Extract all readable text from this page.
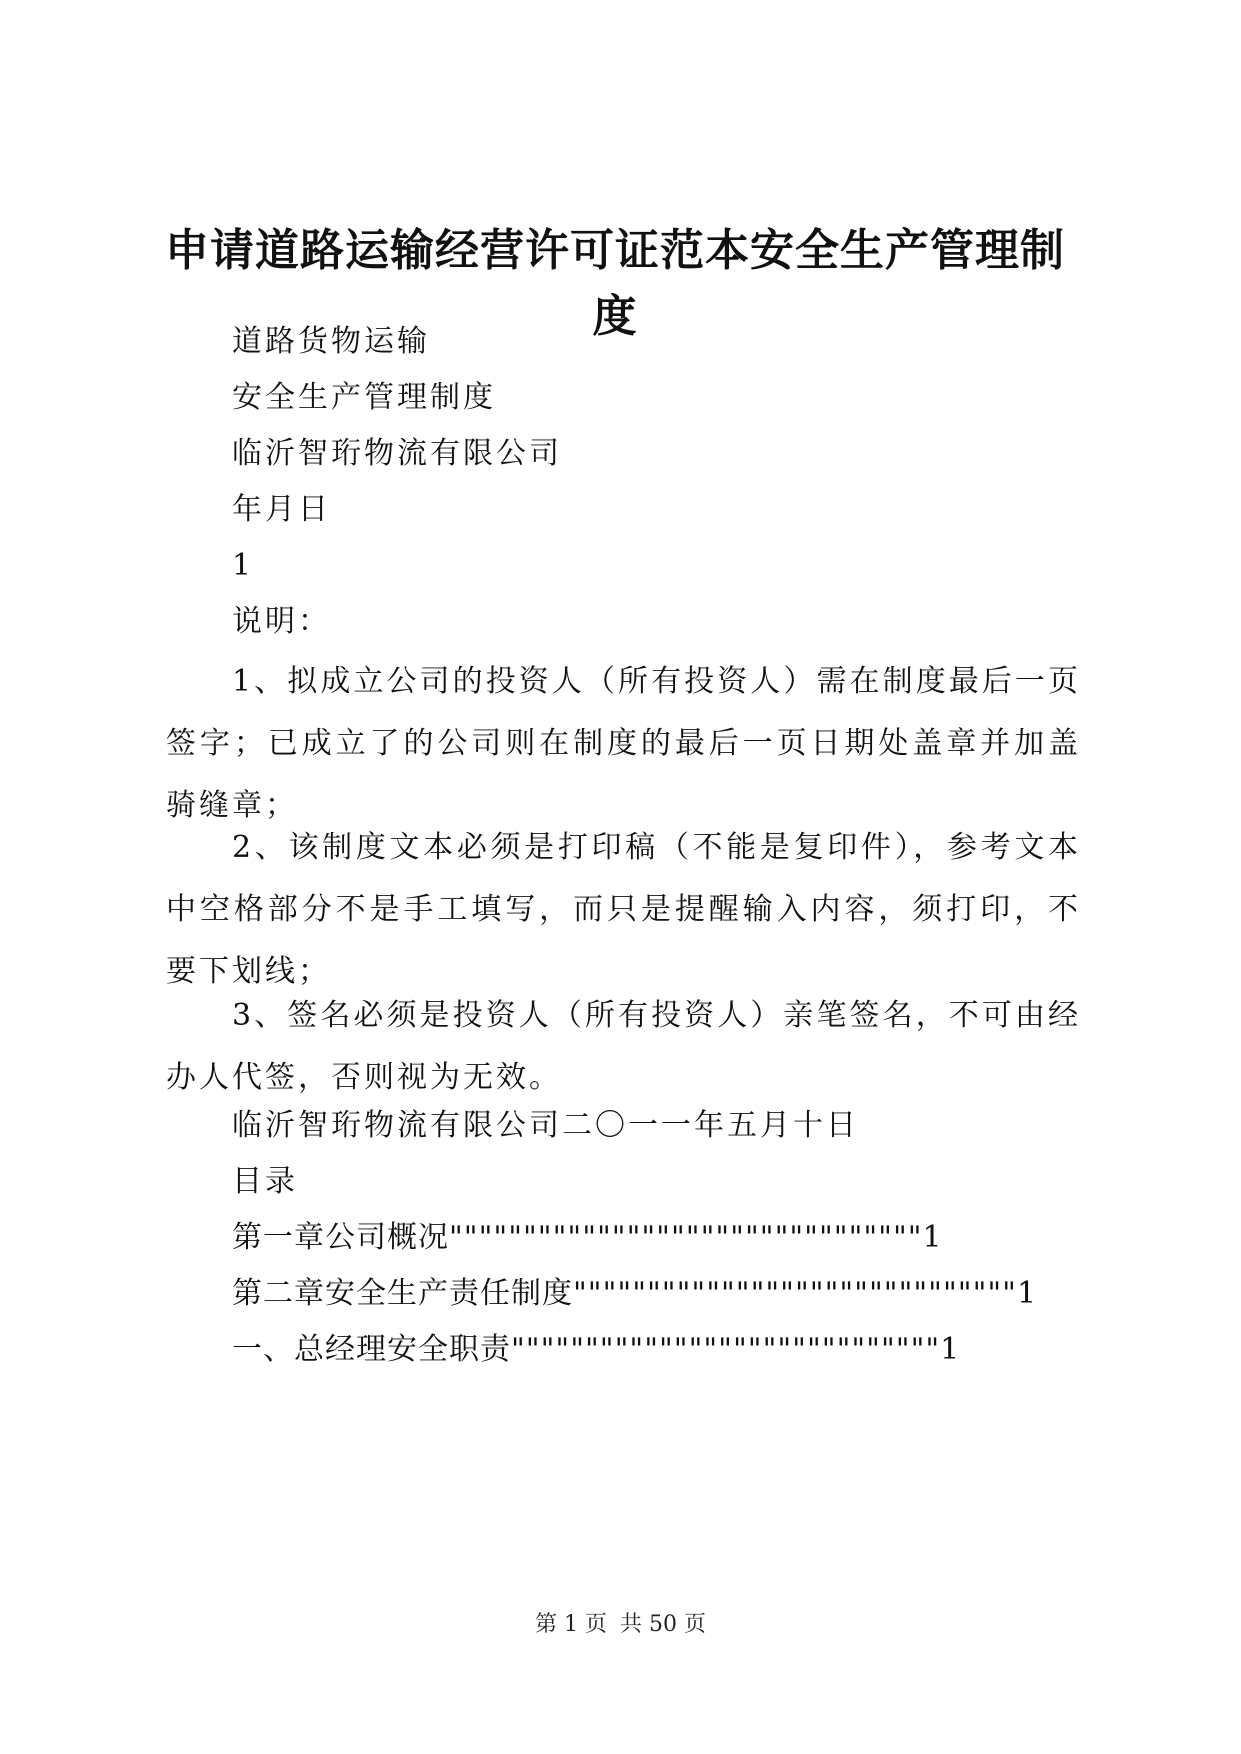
申请道路运输经营许可证范本安全生产管理制度
道路货物运输
安全生产管理制度
临沂智珩物流有限公司
年月日
1
说明：
1、拟成立公司的投资人（所有投资人）需在制度最后一页签字；已成立了的公司则在制度的最后一页日期处盖章并加盖骑缝章；
2、该制度文本必须是打印稿（不能是复印件），参考文本中空格部分不是手工填写，而只是提醒输入内容，须打印，不要下划线；
3、签名必须是投资人（所有投资人）亲笔签名，不可由经办人代签，否则视为无效。
临沂智珩物流有限公司二〇一一年五月十日
目录
第一章公司概况""""""""""""""""""""""""""""""""1
第二章安全生产责任制度""""""""""""""""""""""""""""""1
一、总经理安全职责"""""""""""""""""""""""""""""1
第 1 页 共 50 页
